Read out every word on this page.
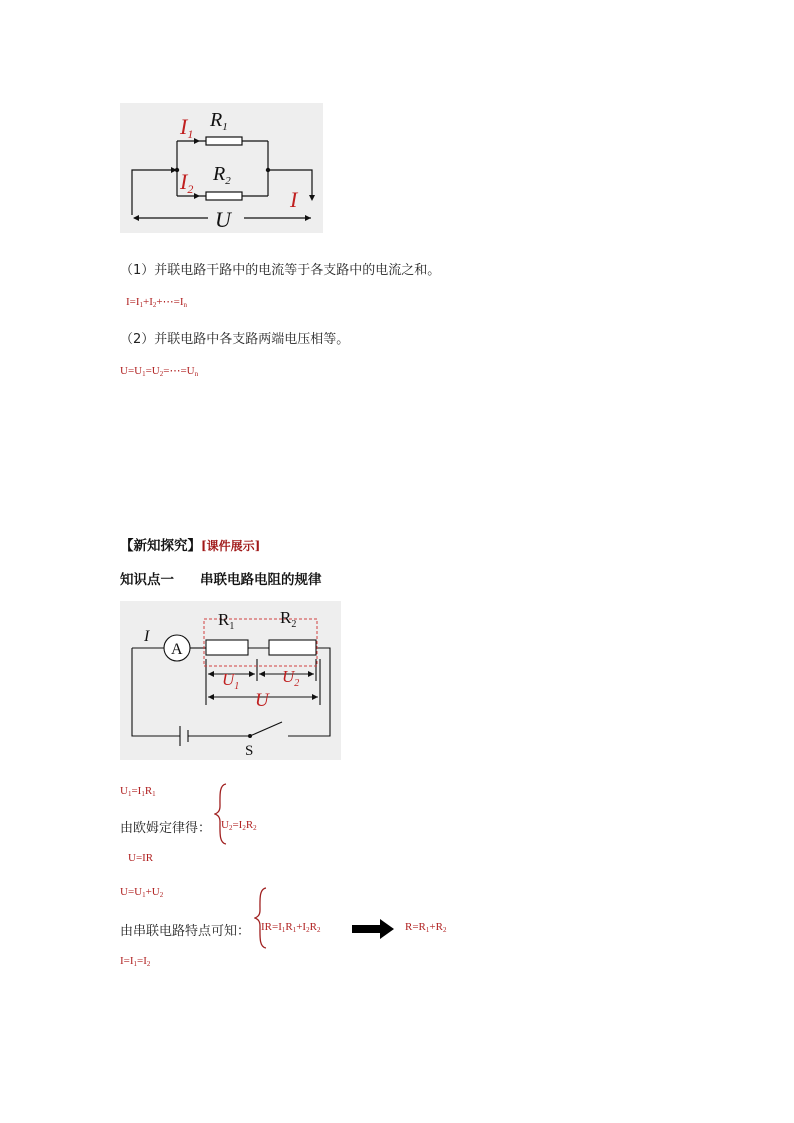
I1
$R_1$
I2
$R_2$
I
U
（1）并联电路干路中的电流等于各支路中的电流之和。
$I=I_1+I_2+\cdots=I_n$
（2）并联电路中各支路两端电压相等。
$U=U_1=U_2=\cdots=U_n$
【新知探究】[课件展示]
知识点一 串联电路电阻的规律
I
A
$R_1$	$R_2$
$U_1$
$U_2$
U
S
$U_1=I_1R_1$
由欧姆定律得： $U_2=I_2R_2$
U=IR
$U=U_1+U_2$
由串联电路特点可知： $IR=I_1R_1+I_2R_2$	$R=R_1+R_2$
$I=I_1=I_2$
